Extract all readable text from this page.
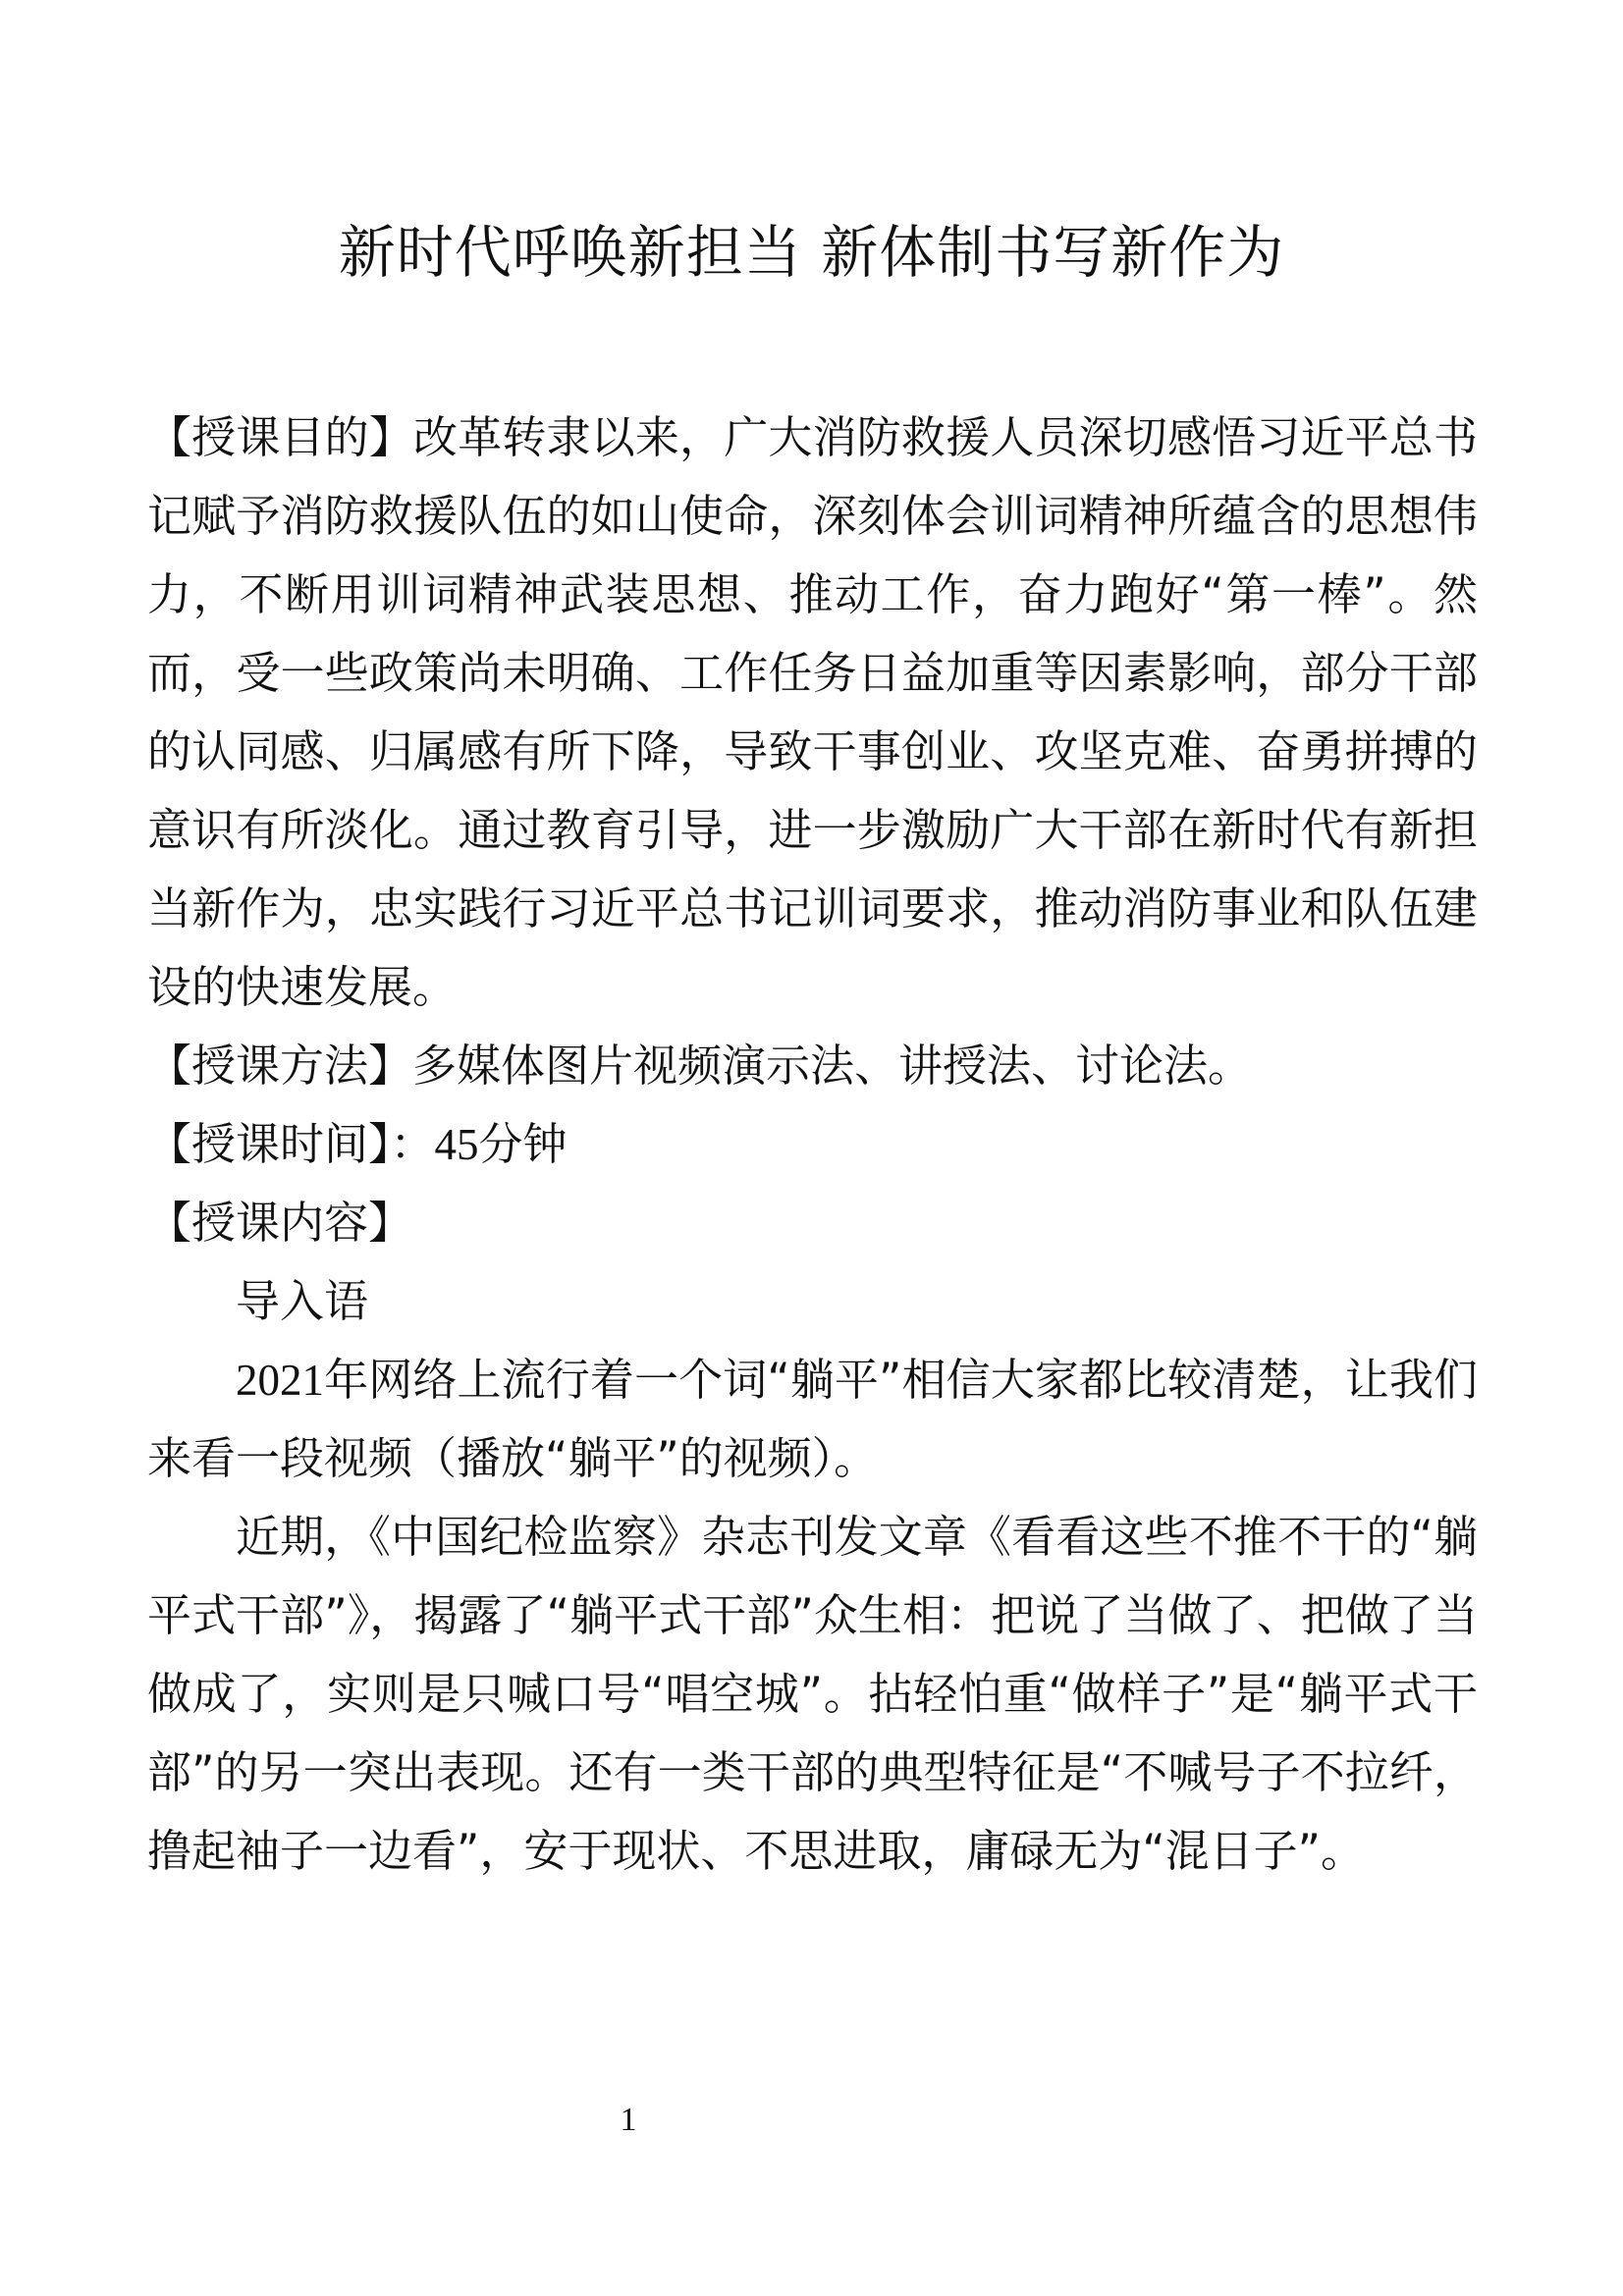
新时代呼唤新担当 新体制书写新作为

【授课目的】改革转隶以来，广大消防救援人员深切感悟习近平总书记赋予消防救援队伍的如山使命，深刻体会训词精神所蕴含的思想伟力，不断用训词精神武装思想、推动工作，奋力跑好“第一棒”。然而，受一些政策尚未明确、工作任务日益加重等因素影响，部分干部的认同感、归属感有所下降，导致干事创业、攻坚克难、奋勇拼搏的意识有所淡化。通过教育引导，进一步激励广大干部在新时代有新担当新作为，忠实践行习近平总书记训词要求，推动消防事业和队伍建设的快速发展。

【授课方法】多媒体图片视频演示法、讲授法、讨论法。

【授课时间】：45分钟

【授课内容】

导入语

2021年网络上流行着一个词“躺平”相信大家都比较清楚，让我们来看一段视频（播放“躺平”的视频）。

近期，《中国纪检监察》杂志刊发文章《看看这些不推不干的“躺平式干部”》，揭露了“躺平式干部”众生相：把说了当做了、把做了当做成了，实则是只喊口号“唱空城”。拈轻怕重“做样子”是“躺平式干部”的另一突出表现。还有一类干部的典型特征是“不喊号子不拉纤，撸起袖子一边看”，安于现状、不思进取，庸碌无为“混日子”。

1
